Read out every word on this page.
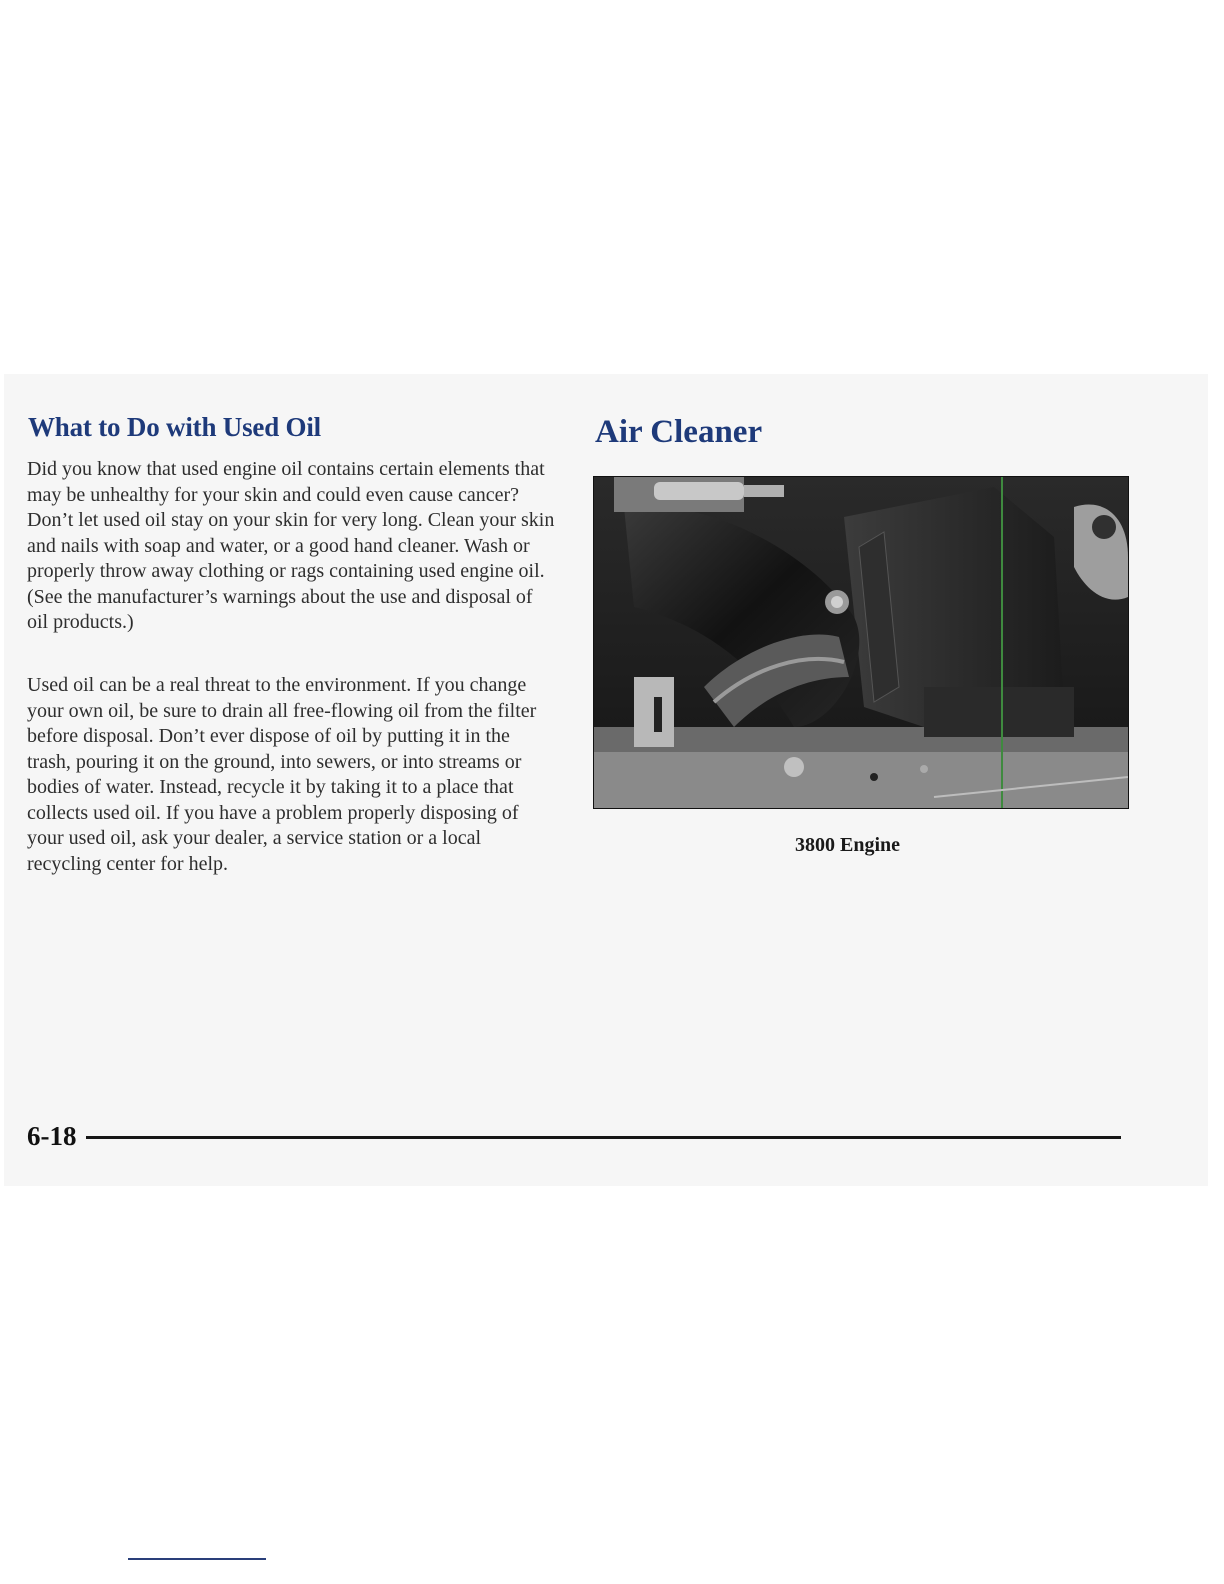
What to Do with Used Oil

Did you know that used engine oil contains certain elements that may be unhealthy for your skin and could even cause cancer? Don’t let used oil stay on your skin for very long. Clean your skin and nails with soap and water, or a good hand cleaner. Wash or properly throw away clothing or rags containing used engine oil. (See the manufacturer’s warnings about the use and disposal of oil products.)

Used oil can be a real threat to the environment. If you change your own oil, be sure to drain all free-flowing oil from the filter before disposal. Don’t ever dispose of oil by putting it in the trash, pouring it on the ground, into sewers, or into streams or bodies of water. Instead, recycle it by taking it to a place that collects used oil. If you have a problem properly disposing of your used oil, ask your dealer, a service station or a local recycling center for help.

Air Cleaner

3800 Engine

6-18
